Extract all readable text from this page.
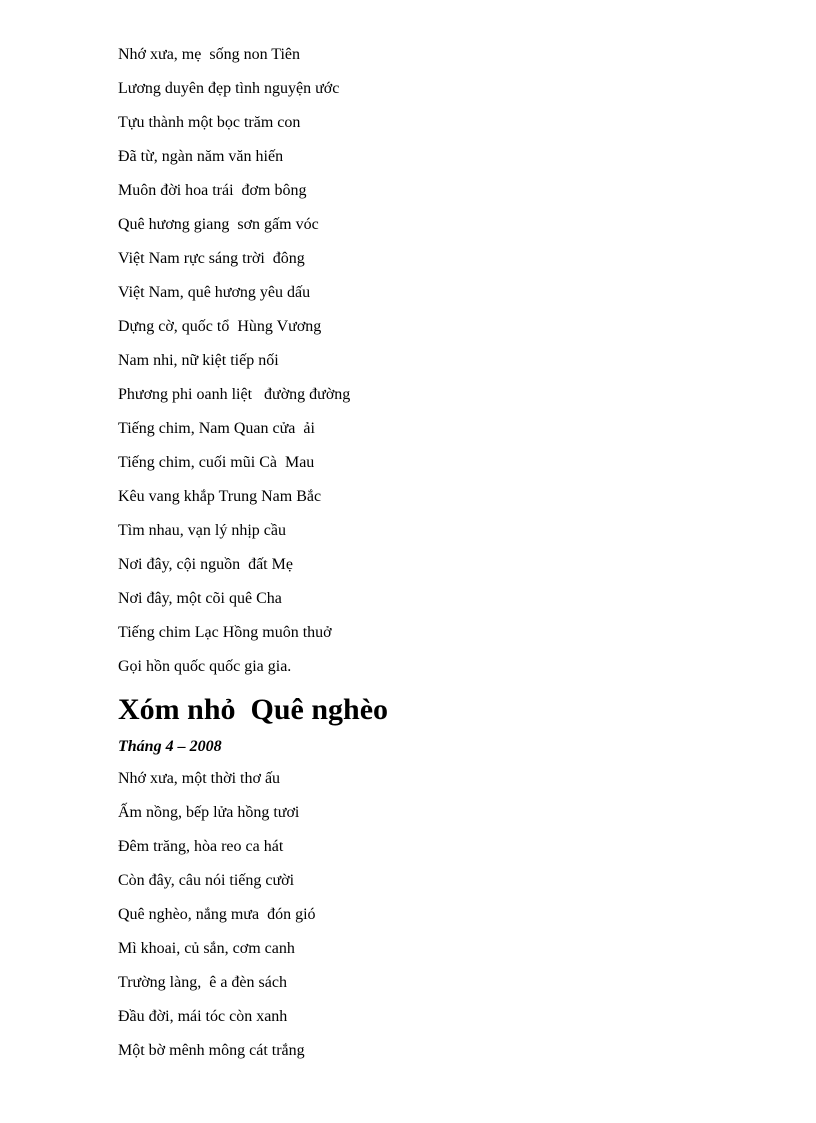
Nhớ xưa, mẹ  sống non Tiên
Lương duyên đẹp tình nguyện ước
Tựu thành một bọc trăm con
Đã từ, ngàn năm văn hiến
Muôn đời hoa trái  đơm bông
Quê hương giang  sơn gấm vóc
Việt Nam rực sáng trời  đông
Việt Nam, quê hương yêu dấu
Dựng cờ, quốc tổ  Hùng Vương
Nam nhi, nữ kiệt tiếp nối
Phương phi oanh liệt   đường đường
Tiếng chim, Nam Quan cửa  ải
Tiếng chim, cuối mũi Cà  Mau
Kêu vang khắp Trung Nam Bắc
Tìm nhau, vạn lý nhịp cầu
Nơi đây, cội nguồn  đất Mẹ
Nơi đây, một cõi quê Cha
Tiếng chim Lạc Hồng muôn thuở
Gọi hồn quốc quốc gia gia.
Xóm nhỏ  Quê nghèo
Tháng 4 – 2008
Nhớ xưa, một thời thơ ấu
Ấm nồng, bếp lửa hồng tươi
Đêm trăng, hòa reo ca hát
Còn đây, câu nói tiếng cười
Quê nghèo, nắng mưa  đón gió
Mì khoai, củ sắn, cơm canh
Trường làng,  ê a đèn sách
Đầu đời, mái tóc còn xanh
Một bờ mênh mông cát trắng
